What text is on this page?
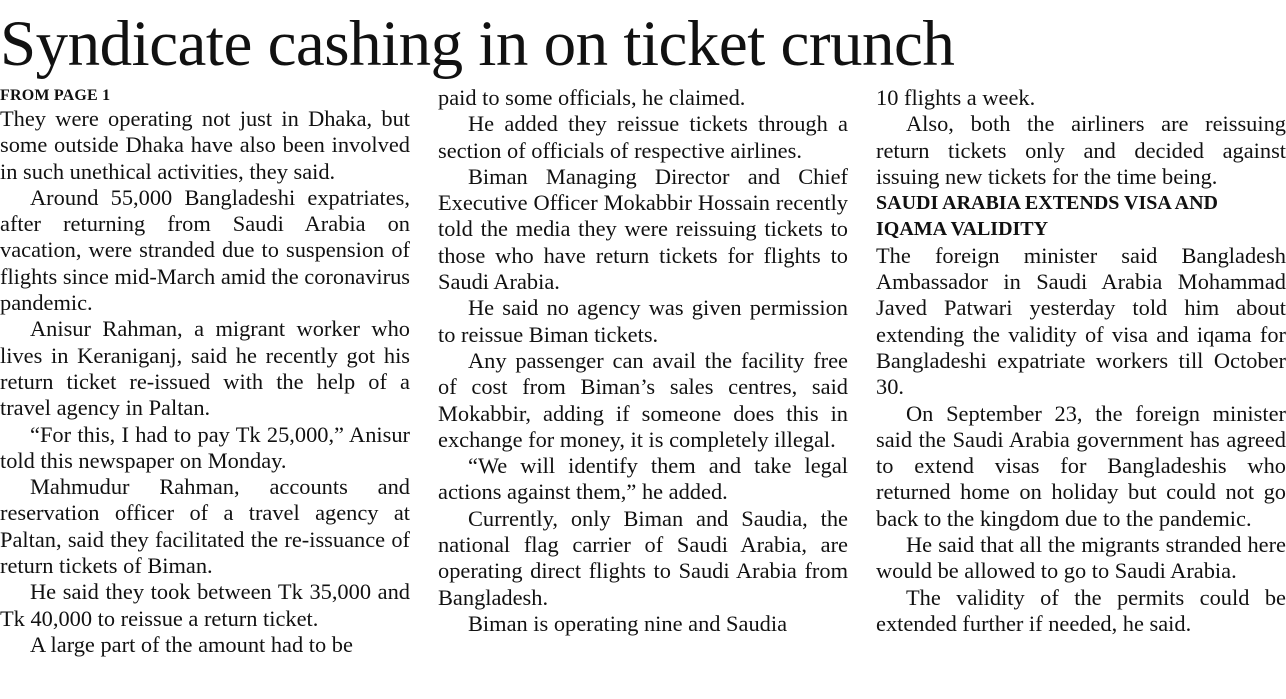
Syndicate cashing in on ticket crunch
FROM PAGE 1

They were operating not just in Dhaka, but some outside Dhaka have also been involved in such unethical activities, they said.

Around 55,000 Bangladeshi expatriates, after returning from Saudi Arabia on vacation, were stranded due to suspension of flights since mid-March amid the coronavirus pandemic.

Anisur Rahman, a migrant worker who lives in Keraniganj, said he recently got his return ticket re-issued with the help of a travel agency in Paltan.

“For this, I had to pay Tk 25,000,” Anisur told this newspaper on Monday.

Mahmudur Rahman, accounts and reservation officer of a travel agency at Paltan, said they facilitated the re-issuance of return tickets of Biman.

He said they took between Tk 35,000 and Tk 40,000 to reissue a return ticket.

A large part of the amount had to be

paid to some officials, he claimed.

He added they reissue tickets through a section of officials of respective airlines.

Biman Managing Director and Chief Executive Officer Mokabbir Hossain recently told the media they were reissuing tickets to those who have return tickets for flights to Saudi Arabia.

He said no agency was given permission to reissue Biman tickets.

Any passenger can avail the facility free of cost from Biman’s sales centres, said Mokabbir, adding if someone does this in exchange for money, it is completely illegal.

“We will identify them and take legal actions against them,” he added.

Currently, only Biman and Saudia, the national flag carrier of Saudi Arabia, are operating direct flights to Saudi Arabia from Bangladesh.

Biman is operating nine and Saudia

10 flights a week.

Also, both the airliners are reissuing return tickets only and decided against issuing new tickets for the time being.

SAUDI ARABIA EXTENDS VISA AND IQAMA VALIDITY

The foreign minister said Bangladesh Ambassador in Saudi Arabia Mohammad Javed Patwari yesterday told him about extending the validity of visa and iqama for Bangladeshi expatriate workers till October 30.

On September 23, the foreign minister said the Saudi Arabia government has agreed to extend visas for Bangladeshis who returned home on holiday but could not go back to the kingdom due to the pandemic.

He said that all the migrants stranded here would be allowed to go to Saudi Arabia.

The validity of the permits could be extended further if needed, he said.
